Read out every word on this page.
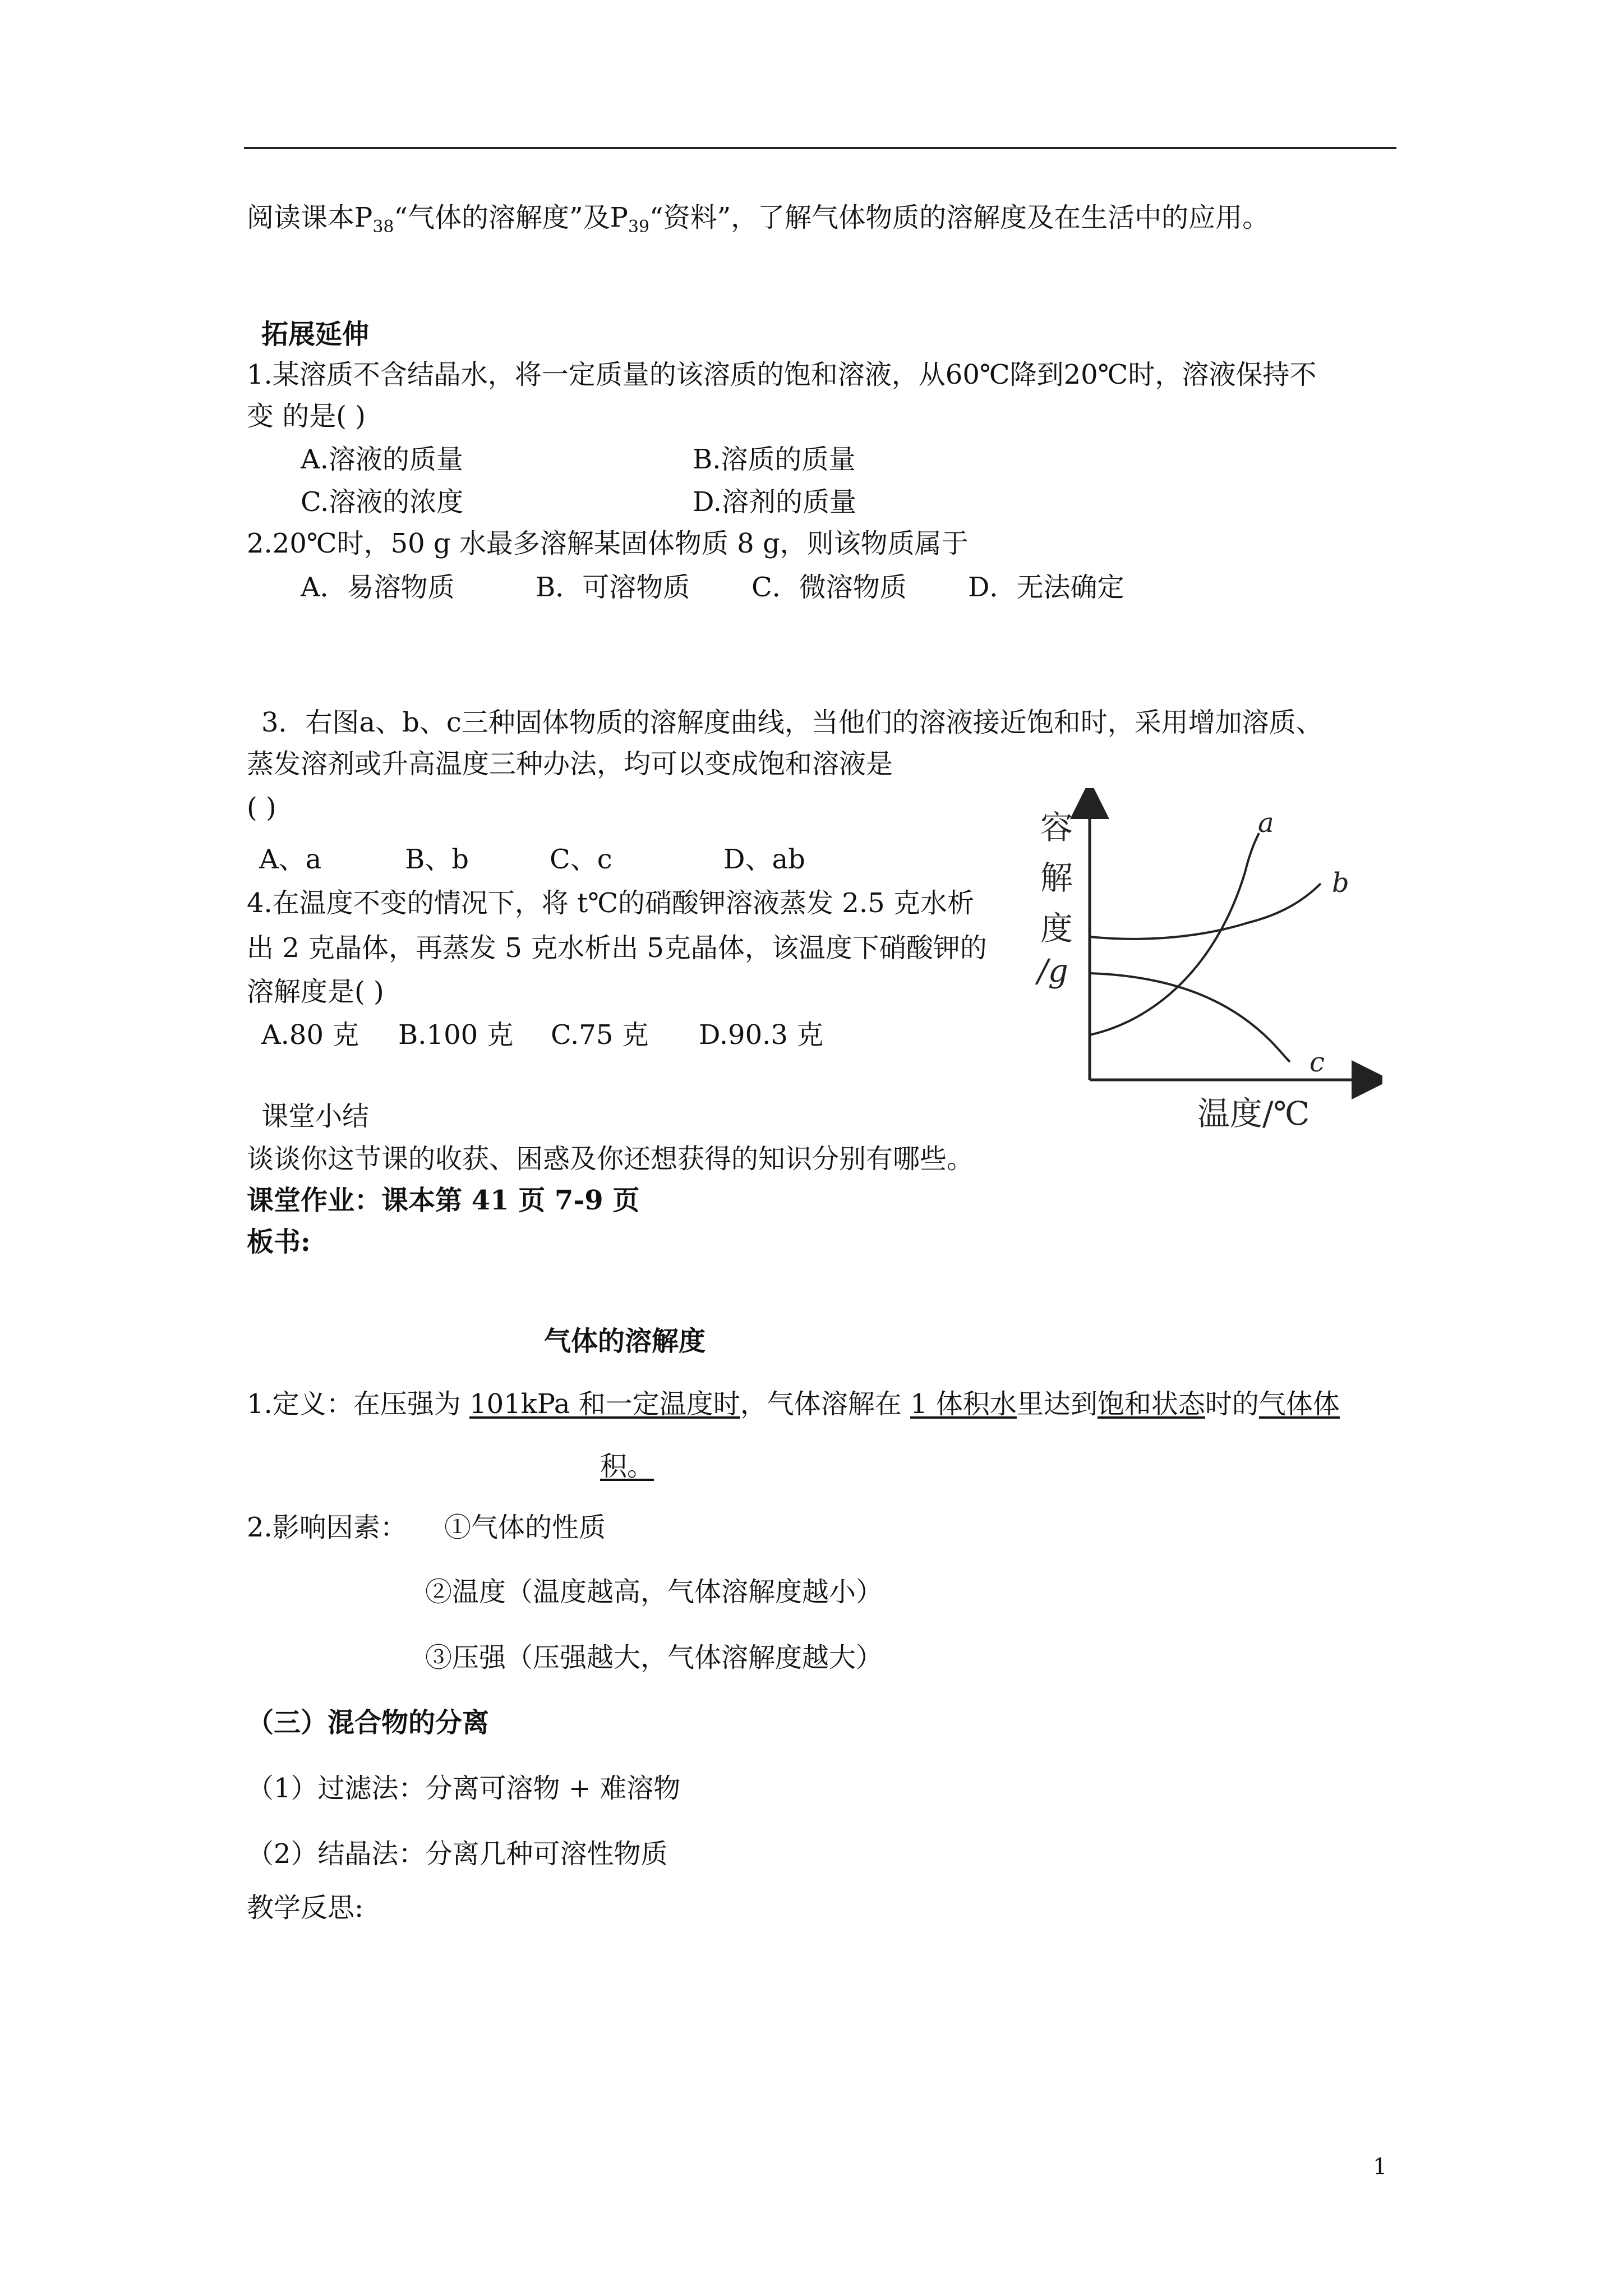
阅读课本$P_{38}“$气体的溶解度”及$P_{39}“$资料”，了解气体物质的溶解度及在生活中的应用。
拓展延伸
1.某溶质不含结晶水，将一定质量的该溶质的饱和溶液，从60℃降到20℃时，溶液保持不
变 的是( )
A.溶液的质量	B.溶质的质量
C.溶液的浓度	D.溶剂的质量
2.20℃时，50 g 水最多溶解某固体物质 8 g，则该物质属于
A．易溶物质	B．可溶物质 C．微溶物质 D．无法确定
3．右图a、b、c三种固体物质的溶解度曲线，当他们的溶液接近饱和时，采用增加溶质、
蒸发溶剂或升高温度三种办法，均可以变成饱和溶液是
( )
A、a	B、b	C、c	D、ab
4.在温度不变的情况下，将 t℃的硝酸钾溶液蒸发 2.5 克水析
出 2 克晶体，再蒸发 5 克水析出 5克晶体，该温度下硝酸钾的
溶解度是( )
A.80 克 B.100 克 C.75 克 D.90.3 克
容
解
度
/g
a
b
c
温度/℃
课堂小结
谈谈你这节课的收获、困惑及你还想获得的知识分别有哪些。
课堂作业：课本第 41 页 7-9 页
板书:
气体的溶解度
1.定义：在压强为 101kPa 和一定温度时，气体溶解在 1 体积水里达到饱和状态时的气体体
积。
2.影响因素： ①气体的性质
②温度（温度越高，气体溶解度越小）
③压强（压强越大，气体溶解度越大）
（三）混合物的分离
（1）过滤法：分离可溶物 + 难溶物
（2）结晶法：分离几种可溶性物质
教学反思:
1
